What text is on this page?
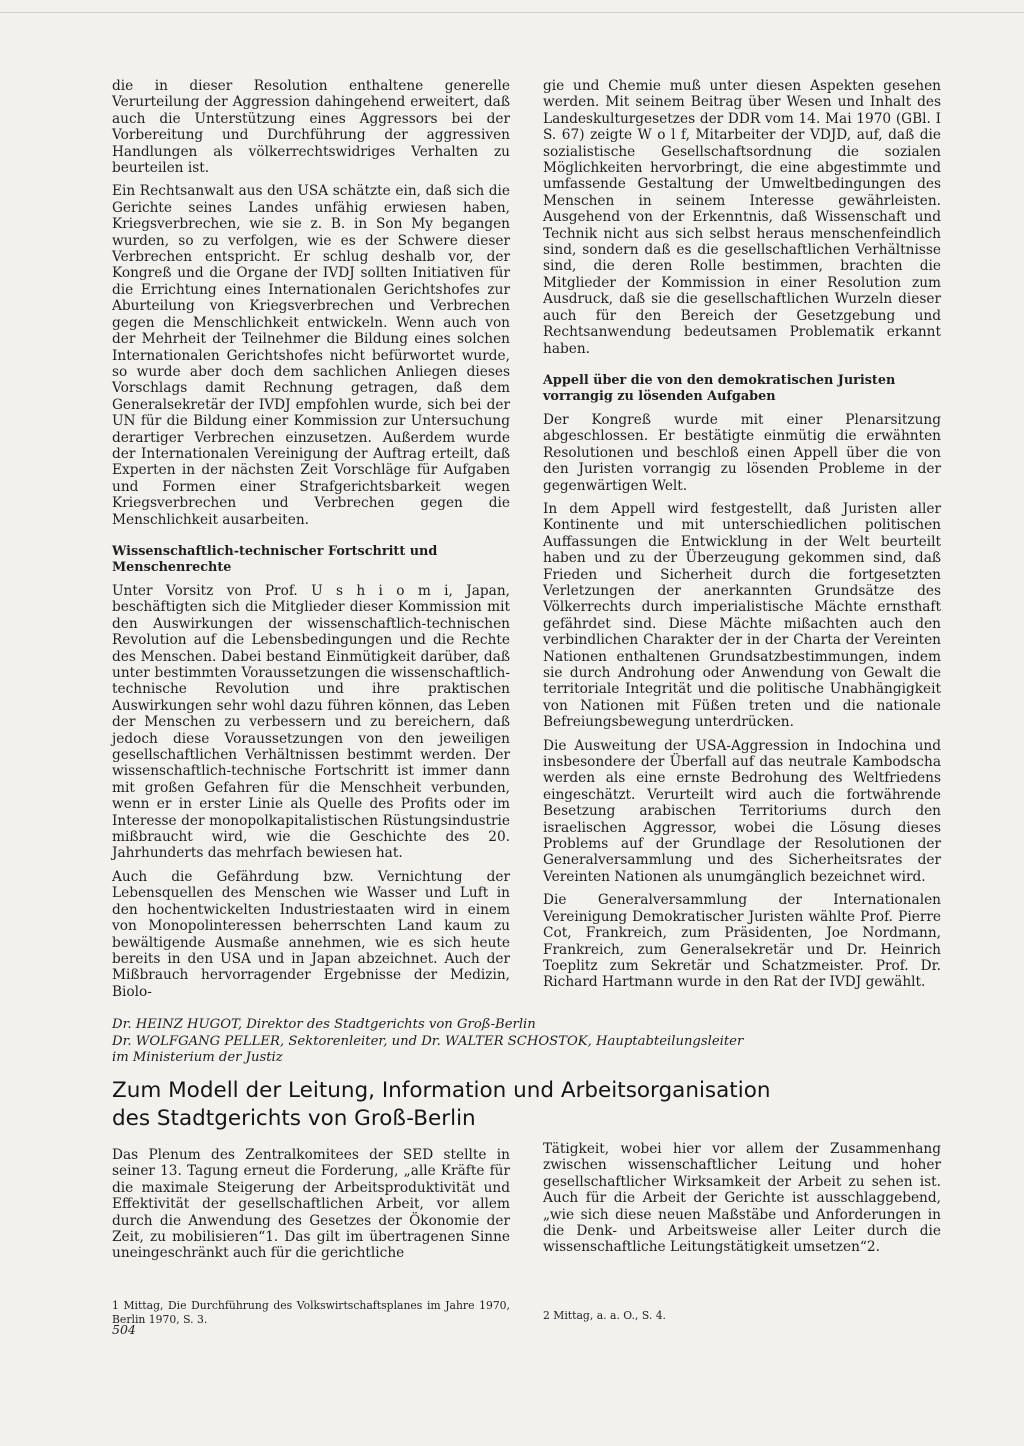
die in dieser Resolution enthaltene generelle Verurteilung der Aggression dahingehend erweitert, daß auch die Unterstützung eines Aggressors bei der Vorbereitung und Durchführung der aggressiven Handlungen als völkerrechtswidriges Verhalten zu beurteilen ist.

Ein Rechtsanwalt aus den USA schätzte ein, daß sich die Gerichte seines Landes unfähig erwiesen haben, Kriegsverbrechen, wie sie z. B. in Son My begangen wurden, so zu verfolgen, wie es der Schwere dieser Verbrechen entspricht. Er schlug deshalb vor, der Kongreß und die Organe der IVDJ sollten Initiativen für die Errichtung eines Internationalen Gerichtshofes zur Aburteilung von Kriegsverbrechen und Verbrechen gegen die Menschlichkeit entwickeln. Wenn auch von der Mehrheit der Teilnehmer die Bildung eines solchen Internationalen Gerichtshofes nicht befürwortet wurde, so wurde aber doch dem sachlichen Anliegen dieses Vorschlags damit Rechnung getragen, daß dem Generalsekretär der IVDJ empfohlen wurde, sich bei der UN für die Bildung einer Kommission zur Untersuchung derartiger Verbrechen einzusetzen. Außerdem wurde der Internationalen Vereinigung der Auftrag erteilt, daß Experten in der nächsten Zeit Vorschläge für Aufgaben und Formen einer Strafgerichtsbarkeit wegen Kriegsverbrechen und Verbrechen gegen die Menschlichkeit ausarbeiten.

Wissenschaftlich-technischer Fortschritt und Menschenrechte

Unter Vorsitz von Prof. U s h i o m i, Japan, beschäftigten sich die Mitglieder dieser Kommission mit den Auswirkungen der wissenschaftlich-technischen Revolution auf die Lebensbedingungen und die Rechte des Menschen. Dabei bestand Einmütigkeit darüber, daß unter bestimmten Voraussetzungen die wissenschaftlich-technische Revolution und ihre praktischen Auswirkungen sehr wohl dazu führen können, das Leben der Menschen zu verbessern und zu bereichern, daß jedoch diese Voraussetzungen von den jeweiligen gesellschaftlichen Verhältnissen bestimmt werden. Der wissenschaftlich-technische Fortschritt ist immer dann mit großen Gefahren für die Menschheit verbunden, wenn er in erster Linie als Quelle des Profits oder im Interesse der monopolkapitalistischen Rüstungsindustrie mißbraucht wird, wie die Geschichte des 20. Jahrhunderts das mehrfach bewiesen hat.

Auch die Gefährdung bzw. Vernichtung der Lebensquellen des Menschen wie Wasser und Luft in den hochentwickelten Industriestaaten wird in einem von Monopolinteressen beherrschten Land kaum zu bewältigende Ausmaße annehmen, wie es sich heute bereits in den USA und in Japan abzeichnet. Auch der Mißbrauch hervorragender Ergebnisse der Medizin, Biolo-

gie und Chemie muß unter diesen Aspekten gesehen werden. Mit seinem Beitrag über Wesen und Inhalt des Landeskulturgesetzes der DDR vom 14. Mai 1970 (GBl. I S. 67) zeigte W o l f, Mitarbeiter der VDJD, auf, daß die sozialistische Gesellschaftsordnung die sozialen Möglichkeiten hervorbringt, die eine abgestimmte und umfassende Gestaltung der Umweltbedingungen des Menschen in seinem Interesse gewährleisten. Ausgehend von der Erkenntnis, daß Wissenschaft und Technik nicht aus sich selbst heraus menschenfeindlich sind, sondern daß es die gesellschaftlichen Verhältnisse sind, die deren Rolle bestimmen, brachten die Mitglieder der Kommission in einer Resolution zum Ausdruck, daß sie die gesellschaftlichen Wurzeln dieser auch für den Bereich der Gesetzgebung und Rechtsanwendung bedeutsamen Problematik erkannt haben.

Appell über die von den demokratischen Juristen vorrangig zu lösenden Aufgaben

Der Kongreß wurde mit einer Plenarsitzung abgeschlossen. Er bestätigte einmütig die erwähnten Resolutionen und beschloß einen Appell über die von den Juristen vorrangig zu lösenden Probleme in der gegenwärtigen Welt.

In dem Appell wird festgestellt, daß Juristen aller Kontinente und mit unterschiedlichen politischen Auffassungen die Entwicklung in der Welt beurteilt haben und zu der Überzeugung gekommen sind, daß Frieden und Sicherheit durch die fortgesetzten Verletzungen der anerkannten Grundsätze des Völkerrechts durch imperialistische Mächte ernsthaft gefährdet sind. Diese Mächte mißachten auch den verbindlichen Charakter der in der Charta der Vereinten Nationen enthaltenen Grundsatzbestimmungen, indem sie durch Androhung oder Anwendung von Gewalt die territoriale Integrität und die politische Unabhängigkeit von Nationen mit Füßen treten und die nationale Befreiungsbewegung unterdrücken.

Die Ausweitung der USA-Aggression in Indochina und insbesondere der Überfall auf das neutrale Kambodscha werden als eine ernste Bedrohung des Weltfriedens eingeschätzt. Verurteilt wird auch die fortwährende Besetzung arabischen Territoriums durch den israelischen Aggressor, wobei die Lösung dieses Problems auf der Grundlage der Resolutionen der Generalversammlung und des Sicherheitsrates der Vereinten Nationen als unumgänglich bezeichnet wird.

Die Generalversammlung der Internationalen Vereinigung Demokratischer Juristen wählte Prof. Pierre Cot, Frankreich, zum Präsidenten, Joe Nordmann, Frankreich, zum Generalsekretär und Dr. Heinrich Toeplitz zum Sekretär und Schatzmeister. Prof. Dr. Richard Hartmann wurde in den Rat der IVDJ gewählt.

Dr. HEINZ HUGOT, Direktor des Stadtgerichts von Groß-Berlin
Dr. WOLFGANG PELLER, Sektorenleiter, und Dr. WALTER SCHOSTOK, Hauptabteilungsleiter
im Ministerium der Justiz
Zum Modell der Leitung, Information und Arbeitsorganisation
des Stadtgerichts von Groß-Berlin

Das Plenum des Zentralkomitees der SED stellte in seiner 13. Tagung erneut die Forderung, „alle Kräfte für die maximale Steigerung der Arbeitsproduktivität und Effektivität der gesellschaftlichen Arbeit, vor allem durch die Anwendung des Gesetzes der Ökonomie der Zeit, zu mobilisieren“1. Das gilt im übertragenen Sinne uneingeschränkt auch für die gerichtliche

Tätigkeit, wobei hier vor allem der Zusammenhang zwischen wissenschaftlicher Leitung und hoher gesellschaftlicher Wirksamkeit der Arbeit zu sehen ist. Auch für die Arbeit der Gerichte ist ausschlaggebend, „wie sich diese neuen Maßstäbe und Anforderungen in die Denk- und Arbeitsweise aller Leiter durch die wissenschaftliche Leitungstätigkeit umsetzen“2.

1 Mittag, Die Durchführung des Volkswirtschaftsplanes im Jahre 1970, Berlin 1970, S. 3.	2 Mittag, a. a. O., S. 4.
504
